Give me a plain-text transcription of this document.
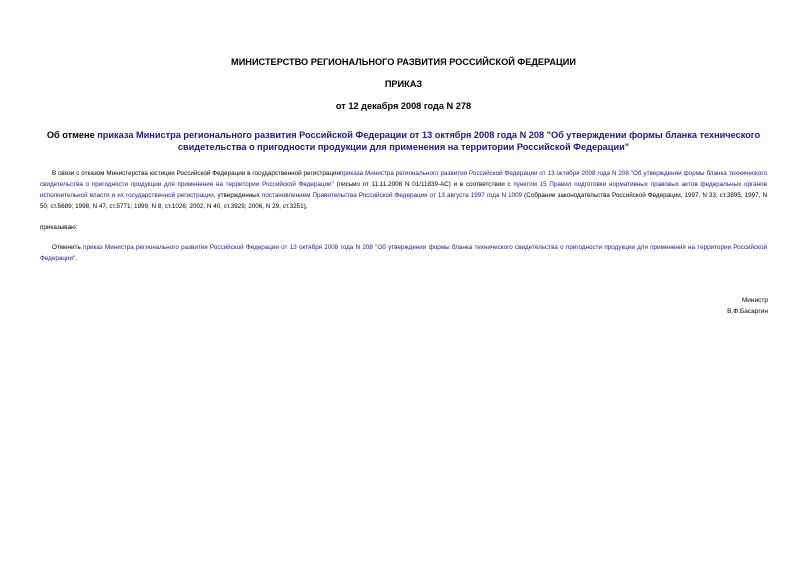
МИНИСТЕРСТВО РЕГИОНАЛЬНОГО РАЗВИТИЯ РОССИЙСКОЙ ФЕДЕРАЦИИ
ПРИКАЗ
от 12 декабря 2008 года N 278
Об отмене приказа Министра регионального развития Российской Федерации от 13 октября 2008 года N 208 "Об утверждении формы бланка технического свидетельства о пригодности продукции для применения на территории Российской Федерации"
В связи с отказом Министерства юстиции Российской Федерации в государственной регистрацииприказа Министра регионального развития Российской Федерации от 13 октября 2008 года N 208 "Об утверждении формы бланка технического свидетельства о пригодности продукции для применения на территории Российской Федерации" (письмо от 11.11.2008 N 01/11839-АС) и в соответствии с пунктом 15 Правил подготовки нормативных правовых актов федеральных органов исполнительной власти и их государственной регистрации, утвержденных постановлением Правительства Российской Федерации от 13 августа 1997 года N 1009 (Собрание законодательства Российской Федерации, 1997, N 33, ст.3895; 1997, N 50, ст.5689; 1998, N 47, ст.5771; 1999, N 8, ст.1026; 2002, N 40, ст.3929; 2006, N 29, ст.3251),
приказываю:
Отменить приказ Министра регионального развития Российской Федерации от 13 октября 2008 года N 208 "Об утверждении формы бланка технического свидетельства о пригодности продукции для применения на территории Российской Федерации".
Министр
В.Ф.Басаргин
